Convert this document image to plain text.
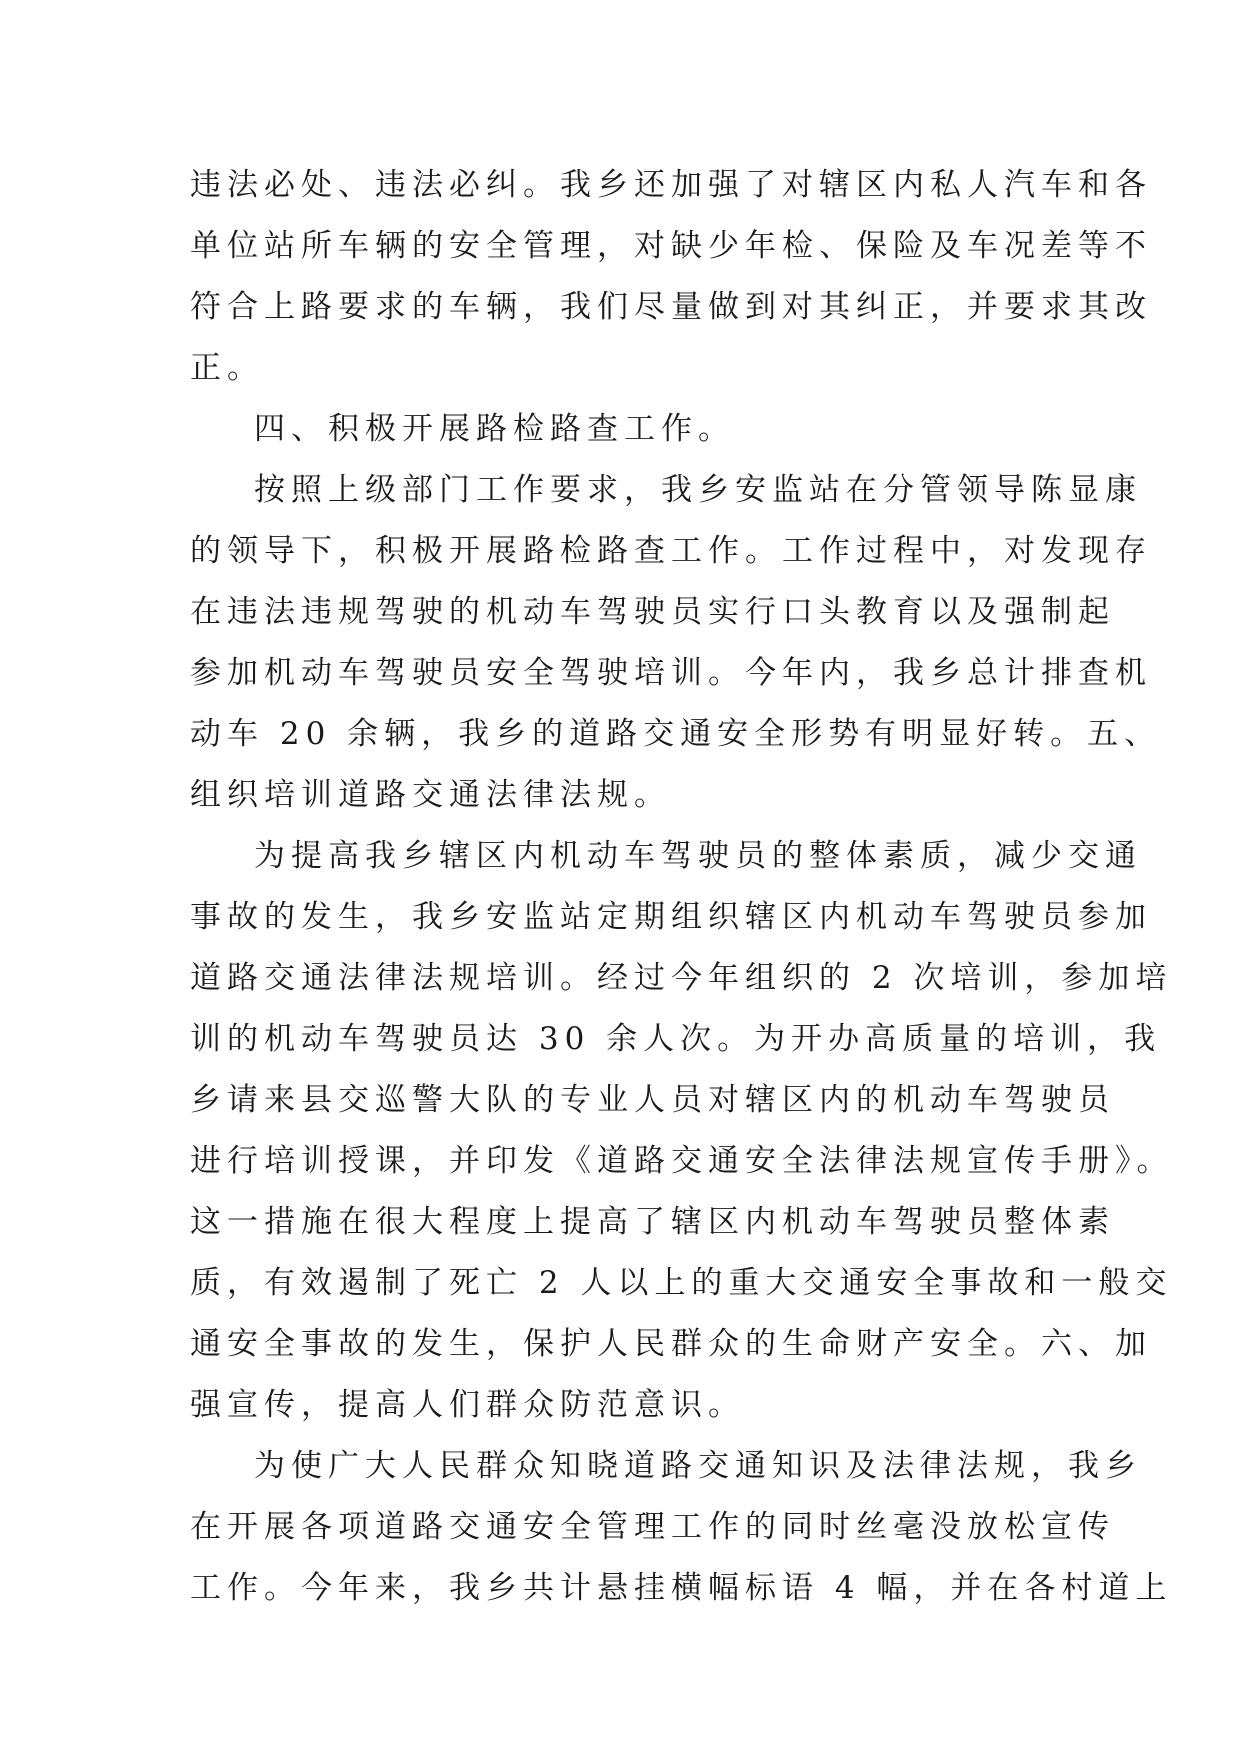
违法必处、违法必纠。我乡还加强了对辖区内私人汽车和各
单位站所车辆的安全管理，对缺少年检、保险及车况差等不
符合上路要求的车辆，我们尽量做到对其纠正，并要求其改
正。
四、积极开展路检路查工作。
按照上级部门工作要求，我乡安监站在分管领导陈显康
的领导下，积极开展路检路查工作。工作过程中，对发现存
在违法违规驾驶的机动车驾驶员实行口头教育以及强制起
参加机动车驾驶员安全驾驶培训。今年内，我乡总计排查机
动车 20 余辆，我乡的道路交通安全形势有明显好转。五、
组织培训道路交通法律法规。
为提高我乡辖区内机动车驾驶员的整体素质，减少交通
事故的发生，我乡安监站定期组织辖区内机动车驾驶员参加
道路交通法律法规培训。经过今年组织的 2 次培训，参加培
训的机动车驾驶员达 30 余人次。为开办高质量的培训，我
乡请来县交巡警大队的专业人员对辖区内的机动车驾驶员
进行培训授课，并印发《道路交通安全法律法规宣传手册》。
这一措施在很大程度上提高了辖区内机动车驾驶员整体素
质，有效遏制了死亡 2 人以上的重大交通安全事故和一般交
通安全事故的发生，保护人民群众的生命财产安全。六、加
强宣传，提高人们群众防范意识。
为使广大人民群众知晓道路交通知识及法律法规，我乡
在开展各项道路交通安全管理工作的同时丝毫没放松宣传
工作。今年来，我乡共计悬挂横幅标语 4 幅，并在各村道上
